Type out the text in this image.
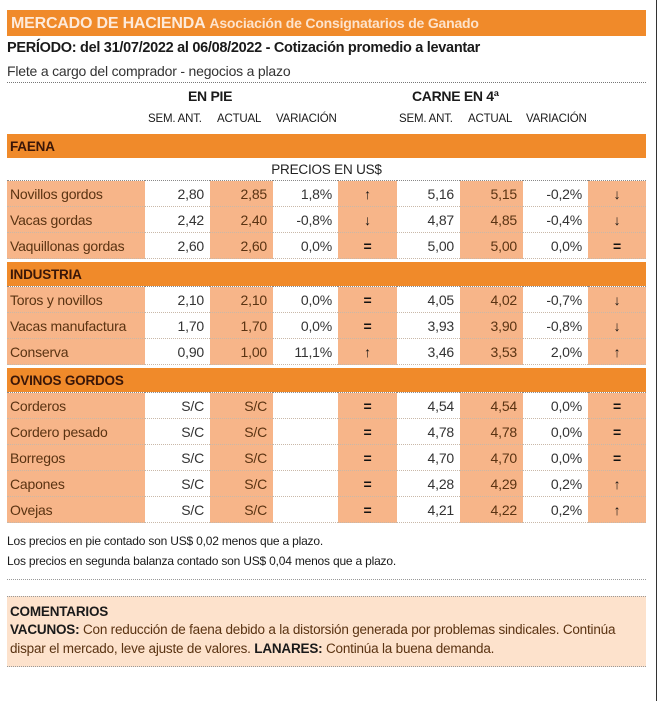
MERCADO DE HACIENDA Asociación de Consignatarios de Ganado
PERÍODO: del 31/07/2022 al 06/08/2022 - Cotización promedio a levantar
Flete a cargo del comprador - negocios a plazo
EN PIE	CARNE EN 4ª
SEM. ANT. ACTUAL VARIACIÓN	SEM. ANT. ACTUAL VARIACIÓN
FAENA
PRECIOS EN US$
Novillos gordos	2,80	2,85	1,8%	↑	5,16	5,15	-0,2%	↓
Vacas gordas	2,42	2,40	-0,8%	↓	4,87	4,85	-0,4%	↓
Vaquillonas gordas	2,60	2,60	0,0%	=	5,00	5,00	0,0%	=
INDUSTRIA
Toros y novillos	2,10	2,10	0,0%	=	4,05	4,02	-0,7%	↓
Vacas manufactura	1,70	1,70	0,0%	=	3,93	3,90	-0,8%	↓
Conserva	0,90	1,00	11,1%	↑	3,46	3,53	2,0%	↑
OVINOS GORDOS
Corderos	S/C	S/C		=	4,54	4,54	0,0%	=
Cordero pesado	S/C	S/C		=	4,78	4,78	0,0%	=
Borregos	S/C	S/C		=	4,70	4,70	0,0%	=
Capones	S/C	S/C		=	4,28	4,29	0,2%	↑
Ovejas	S/C	S/C		=	4,21	4,22	0,2%	↑
Los precios en pie contado son US$ 0,02 menos que a plazo.
Los precios en segunda balanza contado son US$ 0,04 menos que a plazo.
COMENTARIOS
VACUNOS: Con reducción de faena debido a la distorsión generada por problemas sindicales. Continúa dispar el mercado, leve ajuste de valores. LANARES: Continúa la buena demanda.
